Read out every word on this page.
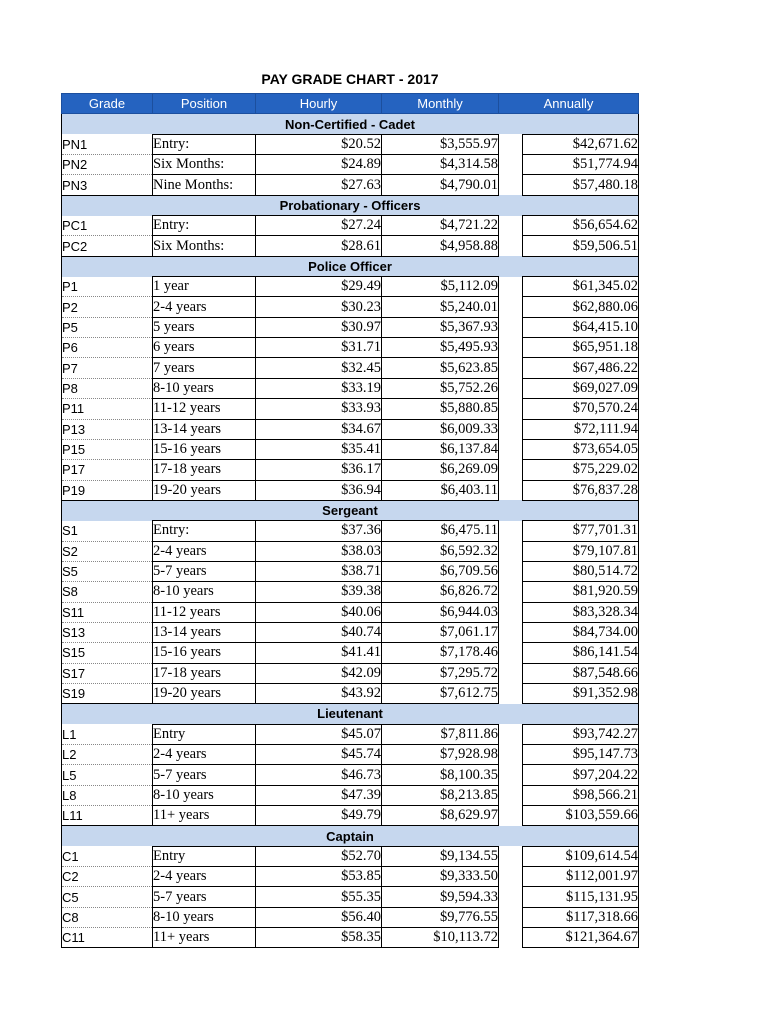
PAY GRADE CHART - 2017
Grade	Position	Hourly	Monthly	Annually	
Non-Certified - Cadet					
PN1	Entry:	$20.52	$3,555.97		$42,671.62
PN2	Six Months:	$24.89	$4,314.58		$51,774.94
PN3	Nine Months:	$27.63	$4,790.01		$57,480.18
Probationary - Officers					
PC1	Entry:	$27.24	$4,721.22		$56,654.62
PC2	Six Months:	$28.61	$4,958.88		$59,506.51
Police Officer					
P1	1 year	$29.49	$5,112.09		$61,345.02
P2	2-4 years	$30.23	$5,240.01		$62,880.06
P5	5 years	$30.97	$5,367.93		$64,415.10
P6	6 years	$31.71	$5,495.93		$65,951.18
P7	7 years	$32.45	$5,623.85		$67,486.22
P8	8-10 years	$33.19	$5,752.26		$69,027.09
P11	11-12 years	$33.93	$5,880.85		$70,570.24
P13	13-14 years	$34.67	$6,009.33		$72,111.94
P15	15-16 years	$35.41	$6,137.84		$73,654.05
P17	17-18 years	$36.17	$6,269.09		$75,229.02
P19	19-20 years	$36.94	$6,403.11		$76,837.28
Sergeant					
S1	Entry:	$37.36	$6,475.11		$77,701.31
S2	2-4 years	$38.03	$6,592.32		$79,107.81
S5	5-7 years	$38.71	$6,709.56		$80,514.72
S8	8-10 years	$39.38	$6,826.72		$81,920.59
S11	11-12 years	$40.06	$6,944.03		$83,328.34
S13	13-14 years	$40.74	$7,061.17		$84,734.00
S15	15-16 years	$41.41	$7,178.46		$86,141.54
S17	17-18 years	$42.09	$7,295.72		$87,548.66
S19	19-20 years	$43.92	$7,612.75		$91,352.98
Lieutenant					
L1	Entry	$45.07	$7,811.86		$93,742.27
L2	2-4 years	$45.74	$7,928.98		$95,147.73
L5	5-7 years	$46.73	$8,100.35		$97,204.22
L8	8-10 years	$47.39	$8,213.85		$98,566.21
L11	11+ years	$49.79	$8,629.97		$103,559.66
Captain					
C1	Entry	$52.70	$9,134.55		$109,614.54
C2	2-4 years	$53.85	$9,333.50		$112,001.97
C5	5-7 years	$55.35	$9,594.33		$115,131.95
C8	8-10 years	$56.40	$9,776.55		$117,318.66
C11	11+ years	$58.35	$10,113.72		$121,364.67
